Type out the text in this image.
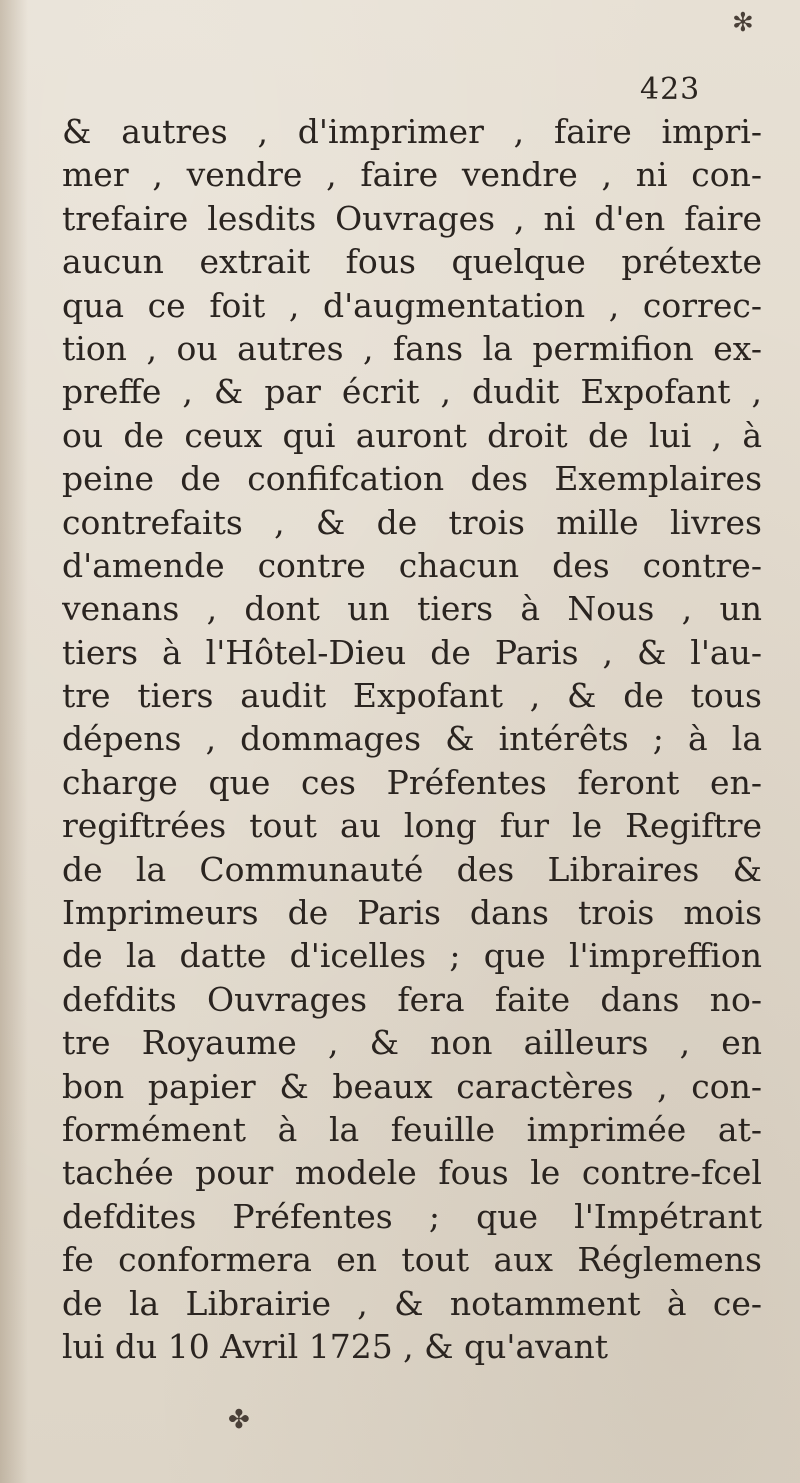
✻
423
& autres , d'imprimer , faire impri-
mer , vendre , faire vendre , ni con-
trefaire lesdits Ouvrages , ni d'en faire
aucun extrait fous quelque prétexte
qua ce foit , d'augmentation , correc-
tion , ou autres , fans la permifion ex-
preffe , & par écrit , dudit Expofant ,
ou de ceux qui auront droit de lui , à
peine de confifcation des Exemplaires
contrefaits , & de trois mille livres
d'amende contre chacun des contre-
venans , dont un tiers à Nous , un
tiers à l'Hôtel-Dieu de Paris , & l'au-
tre tiers audit Expofant , & de tous
dépens , dommages & intérêts ; à la
charge que ces Préfentes feront en-
regiftrées tout au long fur le Regiftre
de la Communauté des Libraires &
Imprimeurs de Paris dans trois mois
de la datte d'icelles ; que l'impreffion
defdits Ouvrages fera faite dans no-
tre Royaume , & non ailleurs , en
bon papier & beaux caractères , con-
formément à la feuille imprimée at-
tachée pour modele fous le contre-fcel
defdites Préfentes ; que l'Impétrant
fe conformera en tout aux Réglemens
de la Librairie , & notamment à ce-
lui du 10 Avril 1725 , & qu'avant
✤
